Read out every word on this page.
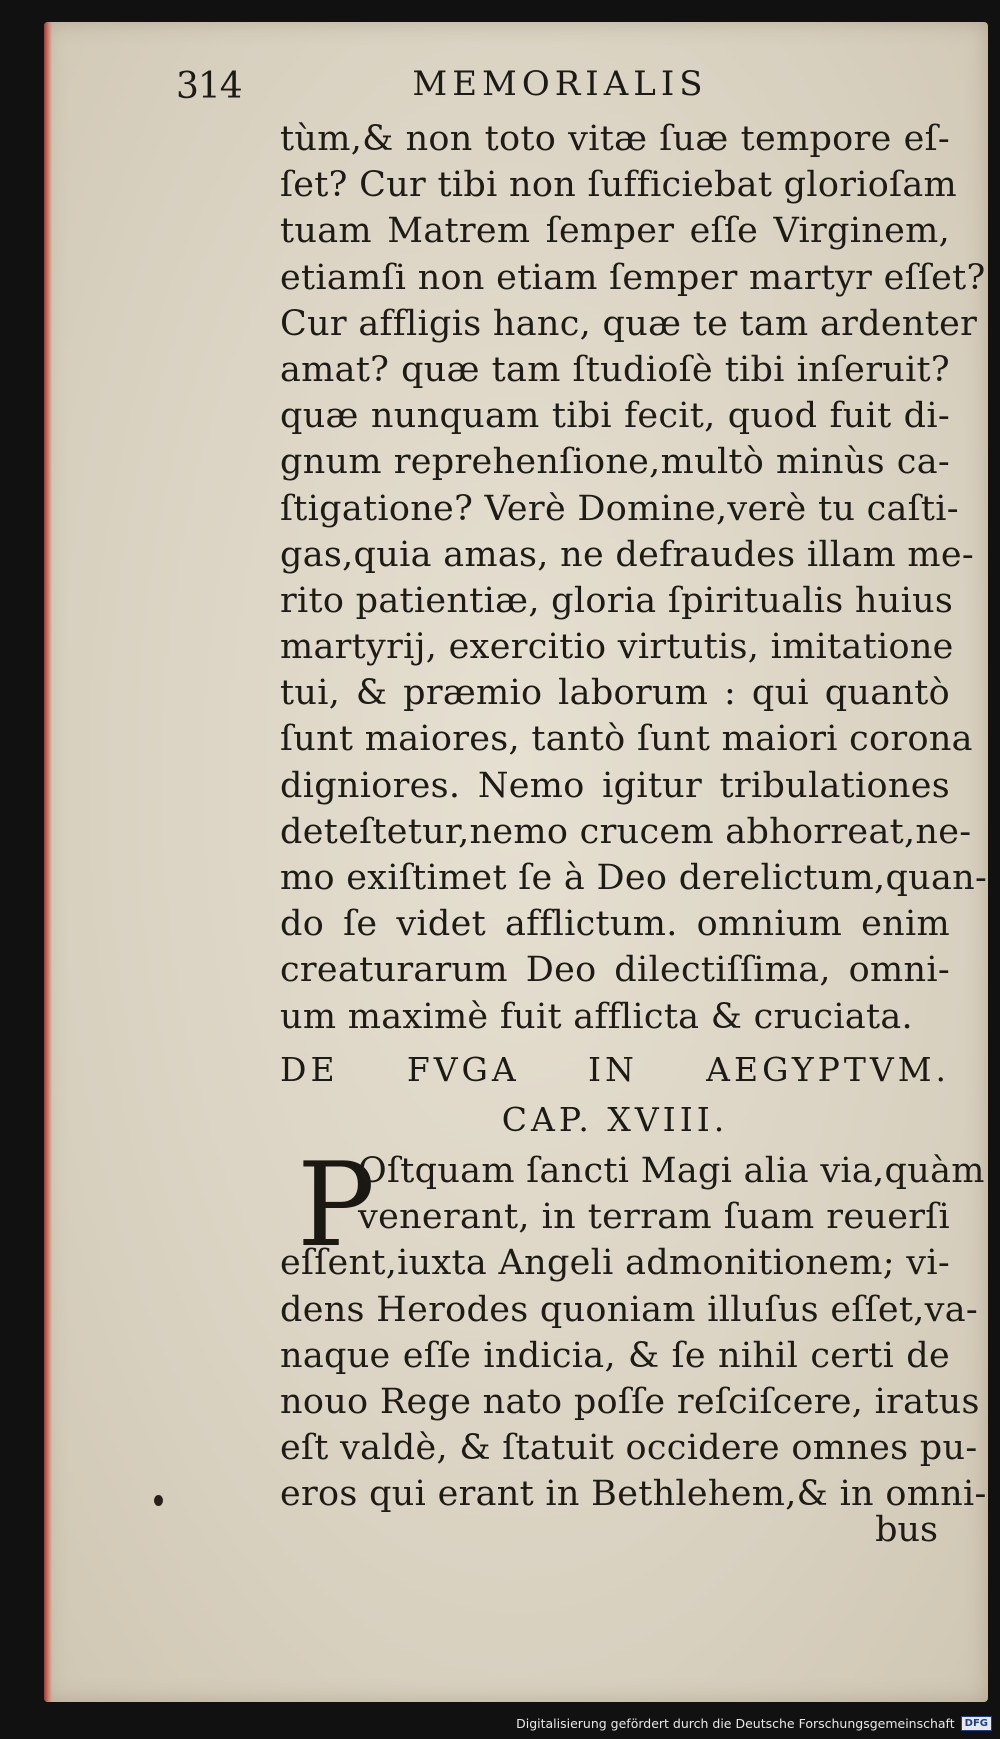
314	MEMORIALIS
tùm,& non toto vitæ ſuæ tempore eſ-
ſet? Cur tibi non ſufficiebat glorioſam
tuam Matrem ſemper eſſe Virginem,
etiamſi non etiam ſemper martyr eſſet?
Cur affligis hanc, quæ te tam ardenter
amat? quæ tam ſtudioſè tibi inſeruit?
quæ nunquam tibi fecit, quod fuit di-
gnum reprehenſione,multò minùs ca-
ſtigatione? Verè Domine,verè tu caſti-
gas,quia amas, ne defraudes illam me-
rito patientiæ, gloria ſpiritualis huius
martyrij, exercitio virtutis, imitatione
tui, & præmio laborum : qui quantò
ſunt maiores, tantò ſunt maiori corona
digniores. Nemo igitur tribulationes
deteſtetur,nemo crucem abhorreat,ne-
mo exiſtimet ſe à Deo derelictum,quan-
do ſe videt afflictum. omnium enim
creaturarum Deo dilectiſſima, omni-
um maximè fuit afflicta & cruciata.
DE FVGA IN AEGYPTVM.
CAP. XVIII.
P
Oſtquam ſancti Magi alia via,quàm
venerant, in terram ſuam reuerſi
eſſent,iuxta Angeli admonitionem; vi-
dens Herodes quoniam illuſus eſſet,va-
naque eſſe indicia, & ſe nihil certi de
nouo Rege nato poſſe reſciſcere, iratus
eſt valdè, & ſtatuit occidere omnes pu-
eros qui erant in Bethlehem,& in omni-
bus
Digitalisierung gefördert durch die Deutsche Forschungsgemeinschaft	DFG
